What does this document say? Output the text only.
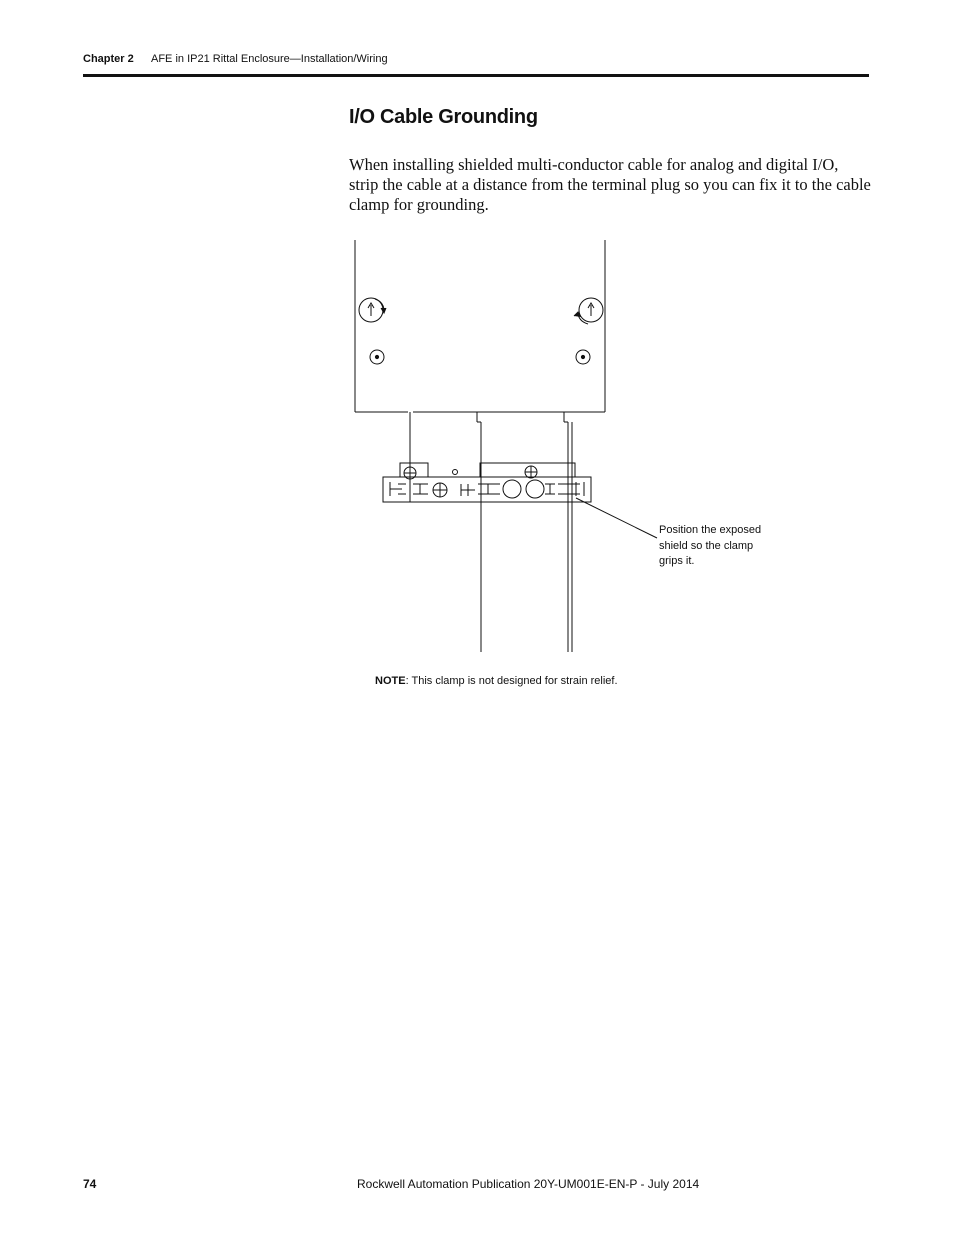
Chapter 2 AFE in IP21 Rittal Enclosure—Installation/Wiring
I/O Cable Grounding
When installing shielded multi-conductor cable for analog and digital I/O, strip the cable at a distance from the terminal plug so you can fix it to the cable clamp for grounding.
Position the exposed shield so the clamp grips it.
NOTE: This clamp is not designed for strain relief.
74	Rockwell Automation Publication 20Y-UM001E-EN-P - July 2014
